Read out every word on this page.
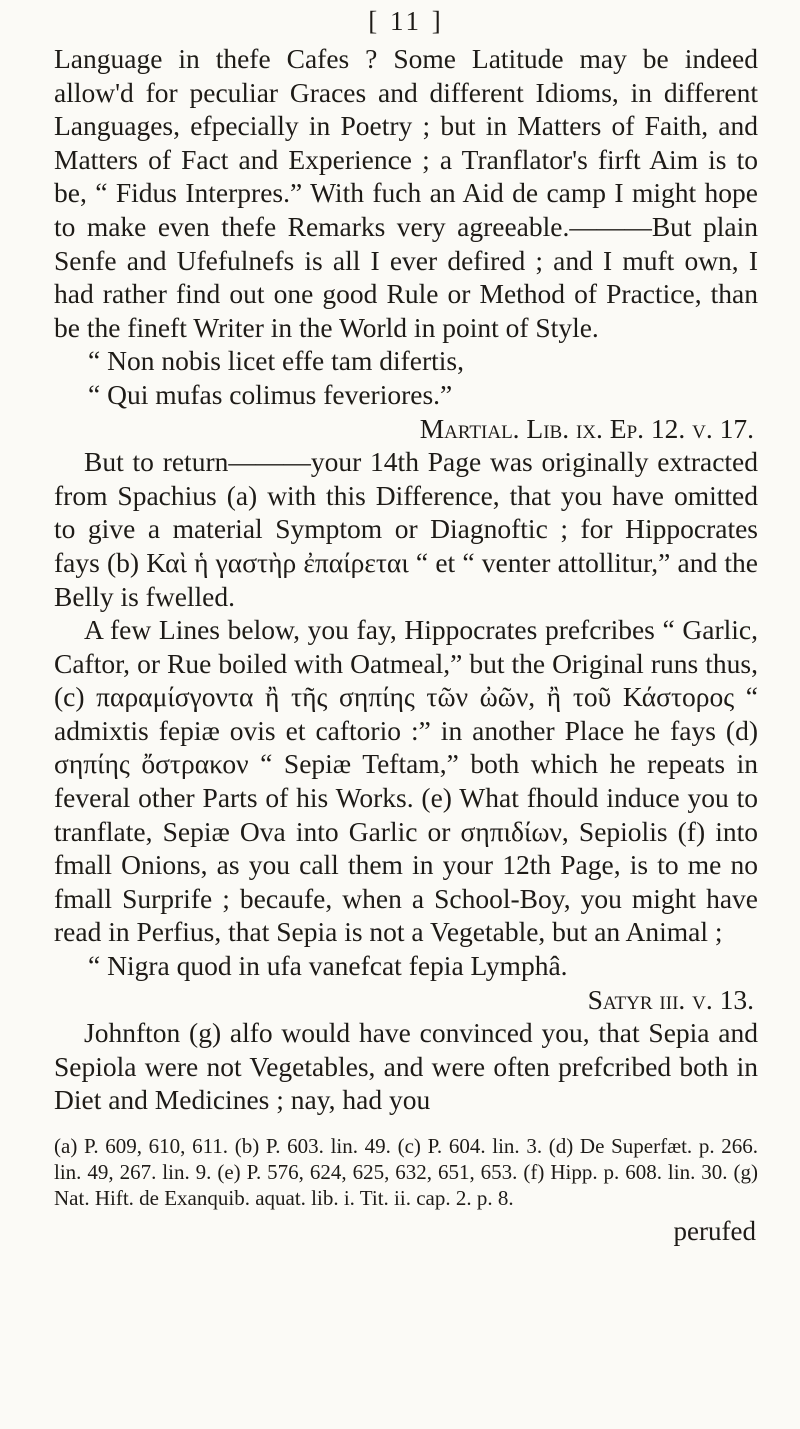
[ 11 ]

Language in thefe Cafes ? Some Latitude may be indeed allow'd for peculiar Graces and different Idioms, in different Languages, efpecially in Poetry ; but in Matters of Faith, and Matters of Fact and Experience ; a Tranflator's firft Aim is to be, “ Fidus Interpres.” With fuch an Aid de camp I might hope to make even thefe Remarks very agreeable.———But plain Senfe and Ufefulnefs is all I ever defired ; and I muft own, I had rather find out one good Rule or Method of Practice, than be the fineft Writer in the World in point of Style.

“ Non nobis licet effe tam difertis,
“ Qui mufas colimus feveriores.”
Martial. Lib. ix. Ep. 12. v. 17.

But to return———your 14th Page was originally extracted from Spachius (a) with this Difference, that you have omitted to give a material Symptom or Diagnoftic ; for Hippocrates fays (b) Καὶ ἡ γαστὴρ ἐπαίρεται “ et “ venter attollitur,” and the Belly is fwelled.

A few Lines below, you fay, Hippocrates prefcribes “ Garlic, Caftor, or Rue boiled with Oatmeal,” but the Original runs thus, (c) παραμίσγοντα ἢ τῆς σηπίης τῶν ὠῶν, ἢ τοῦ Κάστορος “ admixtis fepiæ ovis et caftorio :” in another Place he fays (d) σηπίης ὄστρακον “ Sepiæ Teftam,” both which he repeats in feveral other Parts of his Works. (e) What fhould induce you to tranflate, Sepiæ Ova into Garlic or σηπιδίων, Sepiolis (f) into fmall Onions, as you call them in your 12th Page, is to me no fmall Surprife ; becaufe, when a School-Boy, you might have read in Perfius, that Sepia is not a Vegetable, but an Animal ;

“ Nigra quod in ufa vanefcat fepia Lymphâ.
Satyr iii. v. 13.

Johnfton (g) alfo would have convinced you, that Sepia and Sepiola were not Vegetables, and were often prefcribed both in Diet and Medicines ; nay, had you

(a) P. 609, 610, 611. (b) P. 603. lin. 49. (c) P. 604. lin. 3. (d) De Superfæt. p. 266. lin. 49, 267. lin. 9. (e) P. 576, 624, 625, 632, 651, 653. (f) Hipp. p. 608. lin. 30. (g) Nat. Hift. de Exanquib. aquat. lib. i. Tit. ii. cap. 2. p. 8.

perufed
